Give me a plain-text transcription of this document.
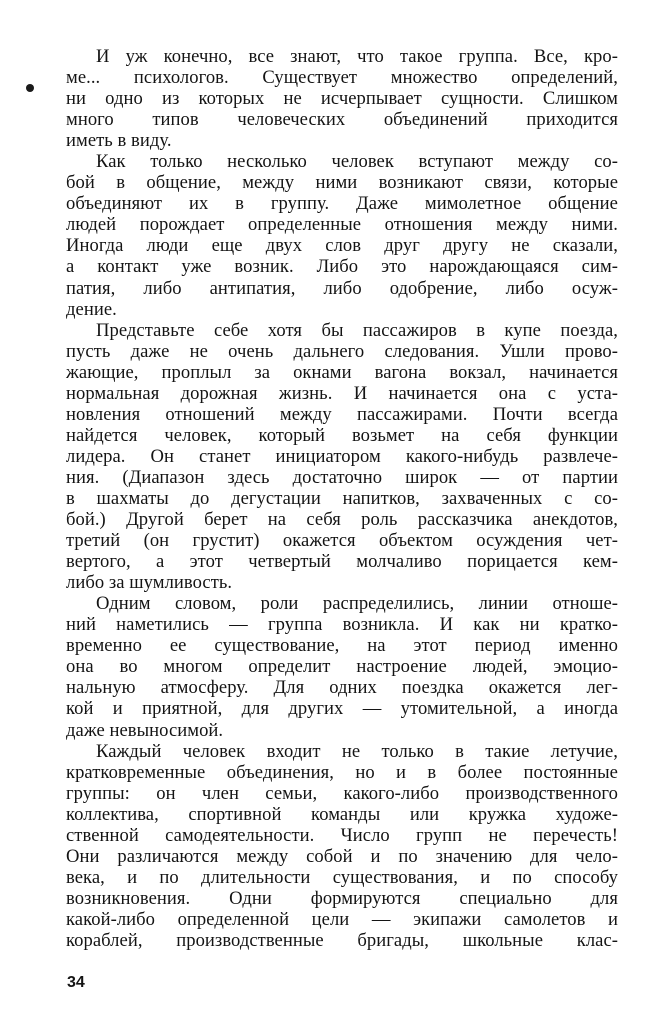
И уж конечно, все знают, что такое группа. Все, кро-
ме... психологов. Существует множество определений,
ни одно из которых не исчерпывает сущности. Слишком
много типов человеческих объединений приходится
иметь в виду.

Как только несколько человек вступают между со-
бой в общение, между ними возникают связи, которые
объединяют их в группу. Даже мимолетное общение
людей порождает определенные отношения между ними.
Иногда люди еще двух слов друг другу не сказали,
а контакт уже возник. Либо это нарождающаяся сим-
патия, либо антипатия, либо одобрение, либо осуж-
дение.

Представьте себе хотя бы пассажиров в купе поезда,
пусть даже не очень дальнего следования. Ушли прово-
жающие, проплыл за окнами вагона вокзал, начинается
нормальная дорожная жизнь. И начинается она с уста-
новления отношений между пассажирами. Почти всегда
найдется человек, который возьмет на себя функции
лидера. Он станет инициатором какого-нибудь развлече-
ния. (Диапазон здесь достаточно широк — от партии
в шахматы до дегустации напитков, захваченных с со-
бой.) Другой берет на себя роль рассказчика анекдотов,
третий (он грустит) окажется объектом осуждения чет-
вертого, а этот четвертый молчаливо порицается кем-
либо за шумливость.

Одним словом, роли распределились, линии отноше-
ний наметились — группа возникла. И как ни кратко-
временно ее существование, на этот период именно
она во многом определит настроение людей, эмоцио-
нальную атмосферу. Для одних поездка окажется лег-
кой и приятной, для других — утомительной, а иногда
даже невыносимой.

Каждый человек входит не только в такие летучие,
кратковременные объединения, но и в более постоянные
группы: он член семьи, какого-либо производственного
коллектива, спортивной команды или кружка художе-
ственной самодеятельности. Число групп не перечесть!
Они различаются между собой и по значению для чело-
века, и по длительности существования, и по способу
возникновения. Одни формируются специально для
какой-либо определенной цели — экипажи самолетов и
кораблей, производственные бригады, школьные клас-

34
